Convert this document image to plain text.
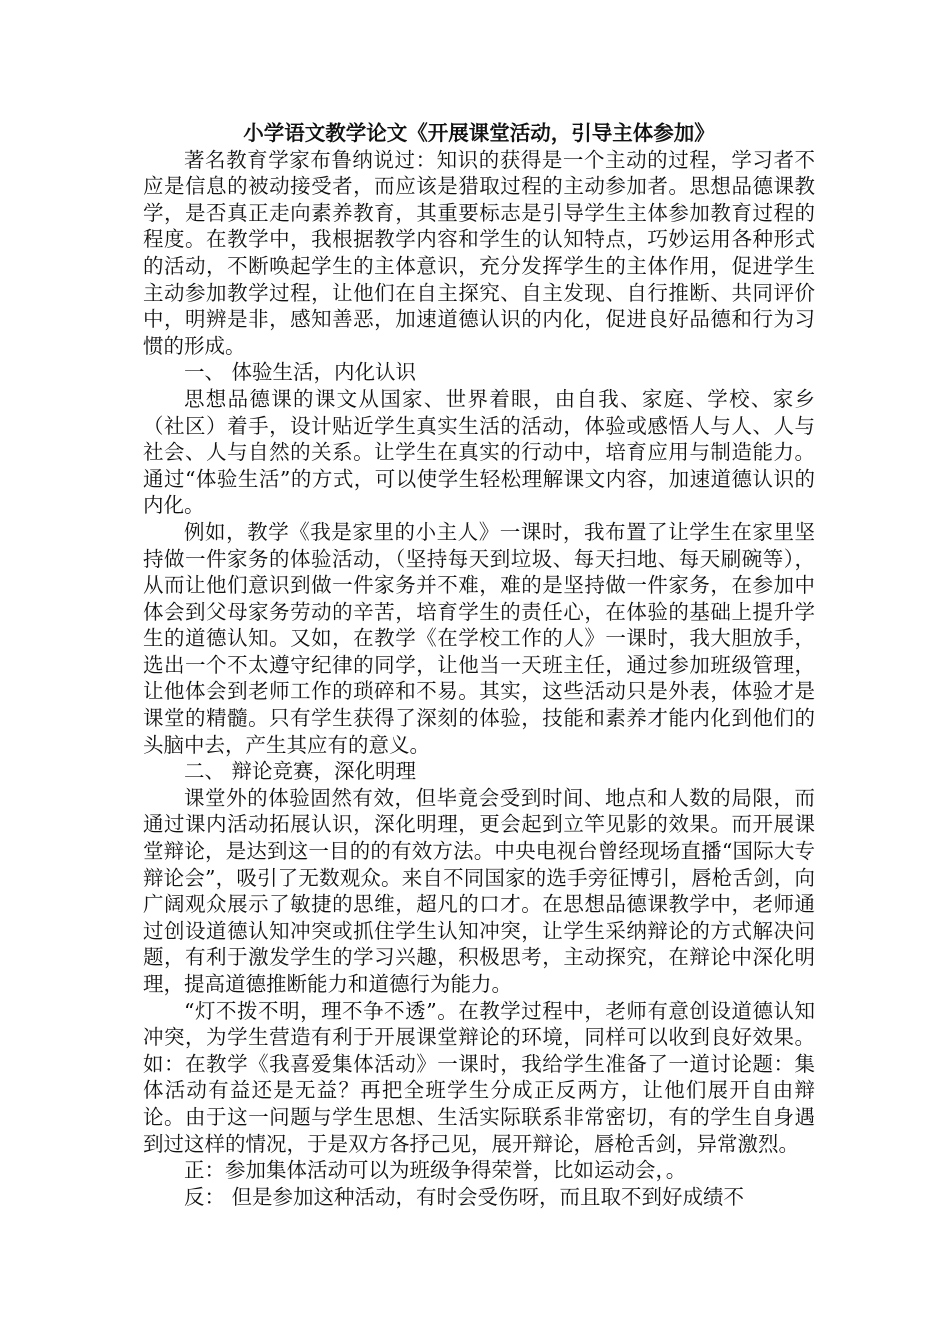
小学语文教学论文《开展课堂活动，引导主体参加》

著名教育学家布鲁纳说过：知识的获得是一个主动的过程，学习者不应是信息的被动接受者，而应该是猎取过程的主动参加者。思想品德课教学，是否真正走向素养教育，其重要标志是引导学生主体参加教育过程的程度。在教学中，我根据教学内容和学生的认知特点，巧妙运用各种形式的活动，不断唤起学生的主体意识，充分发挥学生的主体作用，促进学生主动参加教学过程，让他们在自主探究、自主发现、自行推断、共同评价中，明辨是非，感知善恶，加速道德认识的内化，促进良好品德和行为习惯的形成。

一、 体验生活，内化认识

思想品德课的课文从国家、世界着眼，由自我、家庭、学校、家乡（社区）着手，设计贴近学生真实生活的活动，体验或感悟人与人、人与社会、人与自然的关系。让学生在真实的行动中，培育应用与制造能力。通过“体验生活”的方式，可以使学生轻松理解课文内容，加速道德认识的内化。

例如，教学《我是家里的小主人》一课时，我布置了让学生在家里坚持做一件家务的体验活动，（坚持每天到垃圾、每天扫地、每天刷碗等），从而让他们意识到做一件家务并不难，难的是坚持做一件家务，在参加中体会到父母家务劳动的辛苦，培育学生的责任心，在体验的基础上提升学生的道德认知。又如，在教学《在学校工作的人》一课时，我大胆放手，选出一个不太遵守纪律的同学，让他当一天班主任，通过参加班级管理，让他体会到老师工作的琐碎和不易。其实，这些活动只是外表，体验才是课堂的精髓。只有学生获得了深刻的体验，技能和素养才能内化到他们的头脑中去，产生其应有的意义。

二、 辩论竞赛，深化明理

课堂外的体验固然有效，但毕竟会受到时间、地点和人数的局限，而通过课内活动拓展认识，深化明理，更会起到立竿见影的效果。而开展课堂辩论，是达到这一目的的有效方法。中央电视台曾经现场直播“国际大专辩论会”，吸引了无数观众。来自不同国家的选手旁征博引，唇枪舌剑，向广阔观众展示了敏捷的思维，超凡的口才。在思想品德课教学中，老师通过创设道德认知冲突或抓住学生认知冲突，让学生采纳辩论的方式解决问题，有利于激发学生的学习兴趣，积极思考，主动探究，在辩论中深化明理，提高道德推断能力和道德行为能力。

“灯不拨不明，理不争不透”。在教学过程中，老师有意创设道德认知冲突，为学生营造有利于开展课堂辩论的环境，同样可以收到良好效果。如：在教学《我喜爱集体活动》一课时，我给学生准备了一道讨论题：集体活动有益还是无益？再把全班学生分成正反两方，让他们展开自由辩论。由于这一问题与学生思想、生活实际联系非常密切，有的学生自身遇到过这样的情况，于是双方各抒己见，展开辩论，唇枪舌剑，异常激烈。

正：参加集体活动可以为班级争得荣誉，比如运动会，。

反： 但是参加这种活动，有时会受伤呀，而且取不到好成绩不
